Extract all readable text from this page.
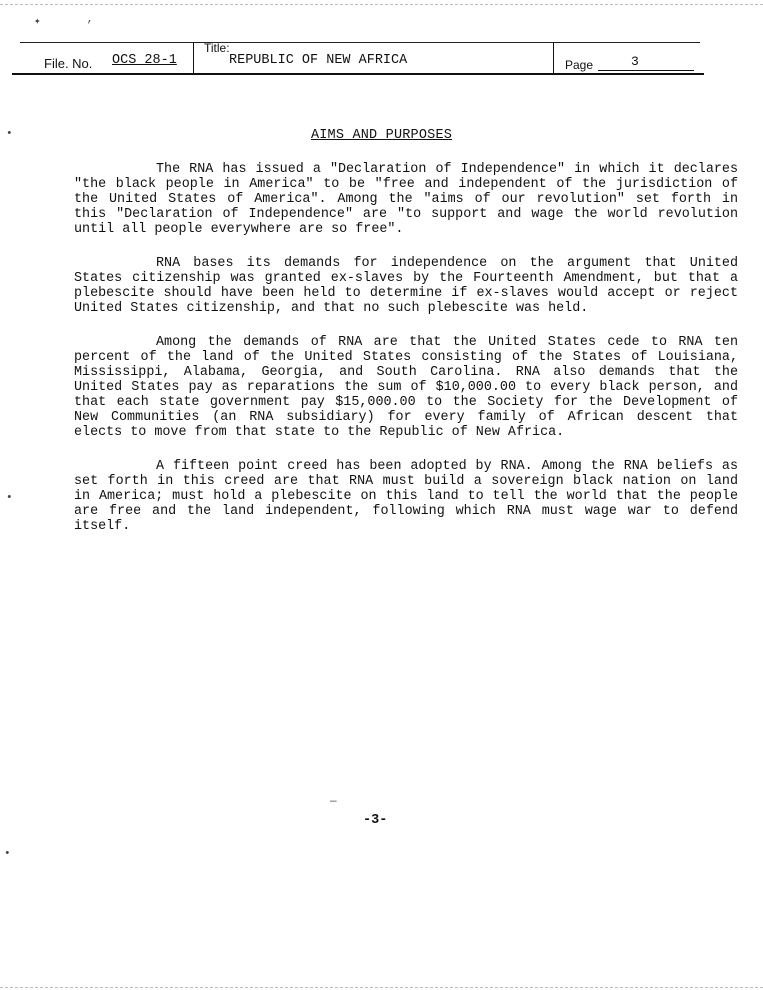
File. No. OCS 28-1
Title:
REPUBLIC OF NEW AFRICA	Page	3
AIMS AND PURPOSES

The RNA has issued a "Declaration of Independence" in which it declares "the black people in America" to be "free and independent of the jurisdiction of the United States of America". Among the "aims of our revolution" set forth in this "Declaration of Independence" are "to support and wage the world revolution until all people everywhere are so free".

RNA bases its demands for independence on the argument that United States citizenship was granted ex-slaves by the Fourteenth Amendment, but that a plebescite should have been held to determine if ex-slaves would accept or reject United States citizenship, and that no such plebescite was held.

Among the demands of RNA are that the United States cede to RNA ten percent of the land of the United States consisting of the States of Louisiana, Mississippi, Alabama, Georgia, and South Carolina. RNA also demands that the United States pay as reparations the sum of $10,000.00 to every black person, and that each state government pay $15,000.00 to the Society for the Development of New Communities (an RNA subsidiary) for every family of African descent that elects to move from that state to the Republic of New Africa.

A fifteen point creed has been adopted by RNA. Among the RNA beliefs as set forth in this creed are that RNA must build a sovereign black nation on land in America; must hold a plebescite on this land to tell the world that the people are free and the land independent, following which RNA must wage war to defend itself.

-3-
✦	’
•
•
•
—
